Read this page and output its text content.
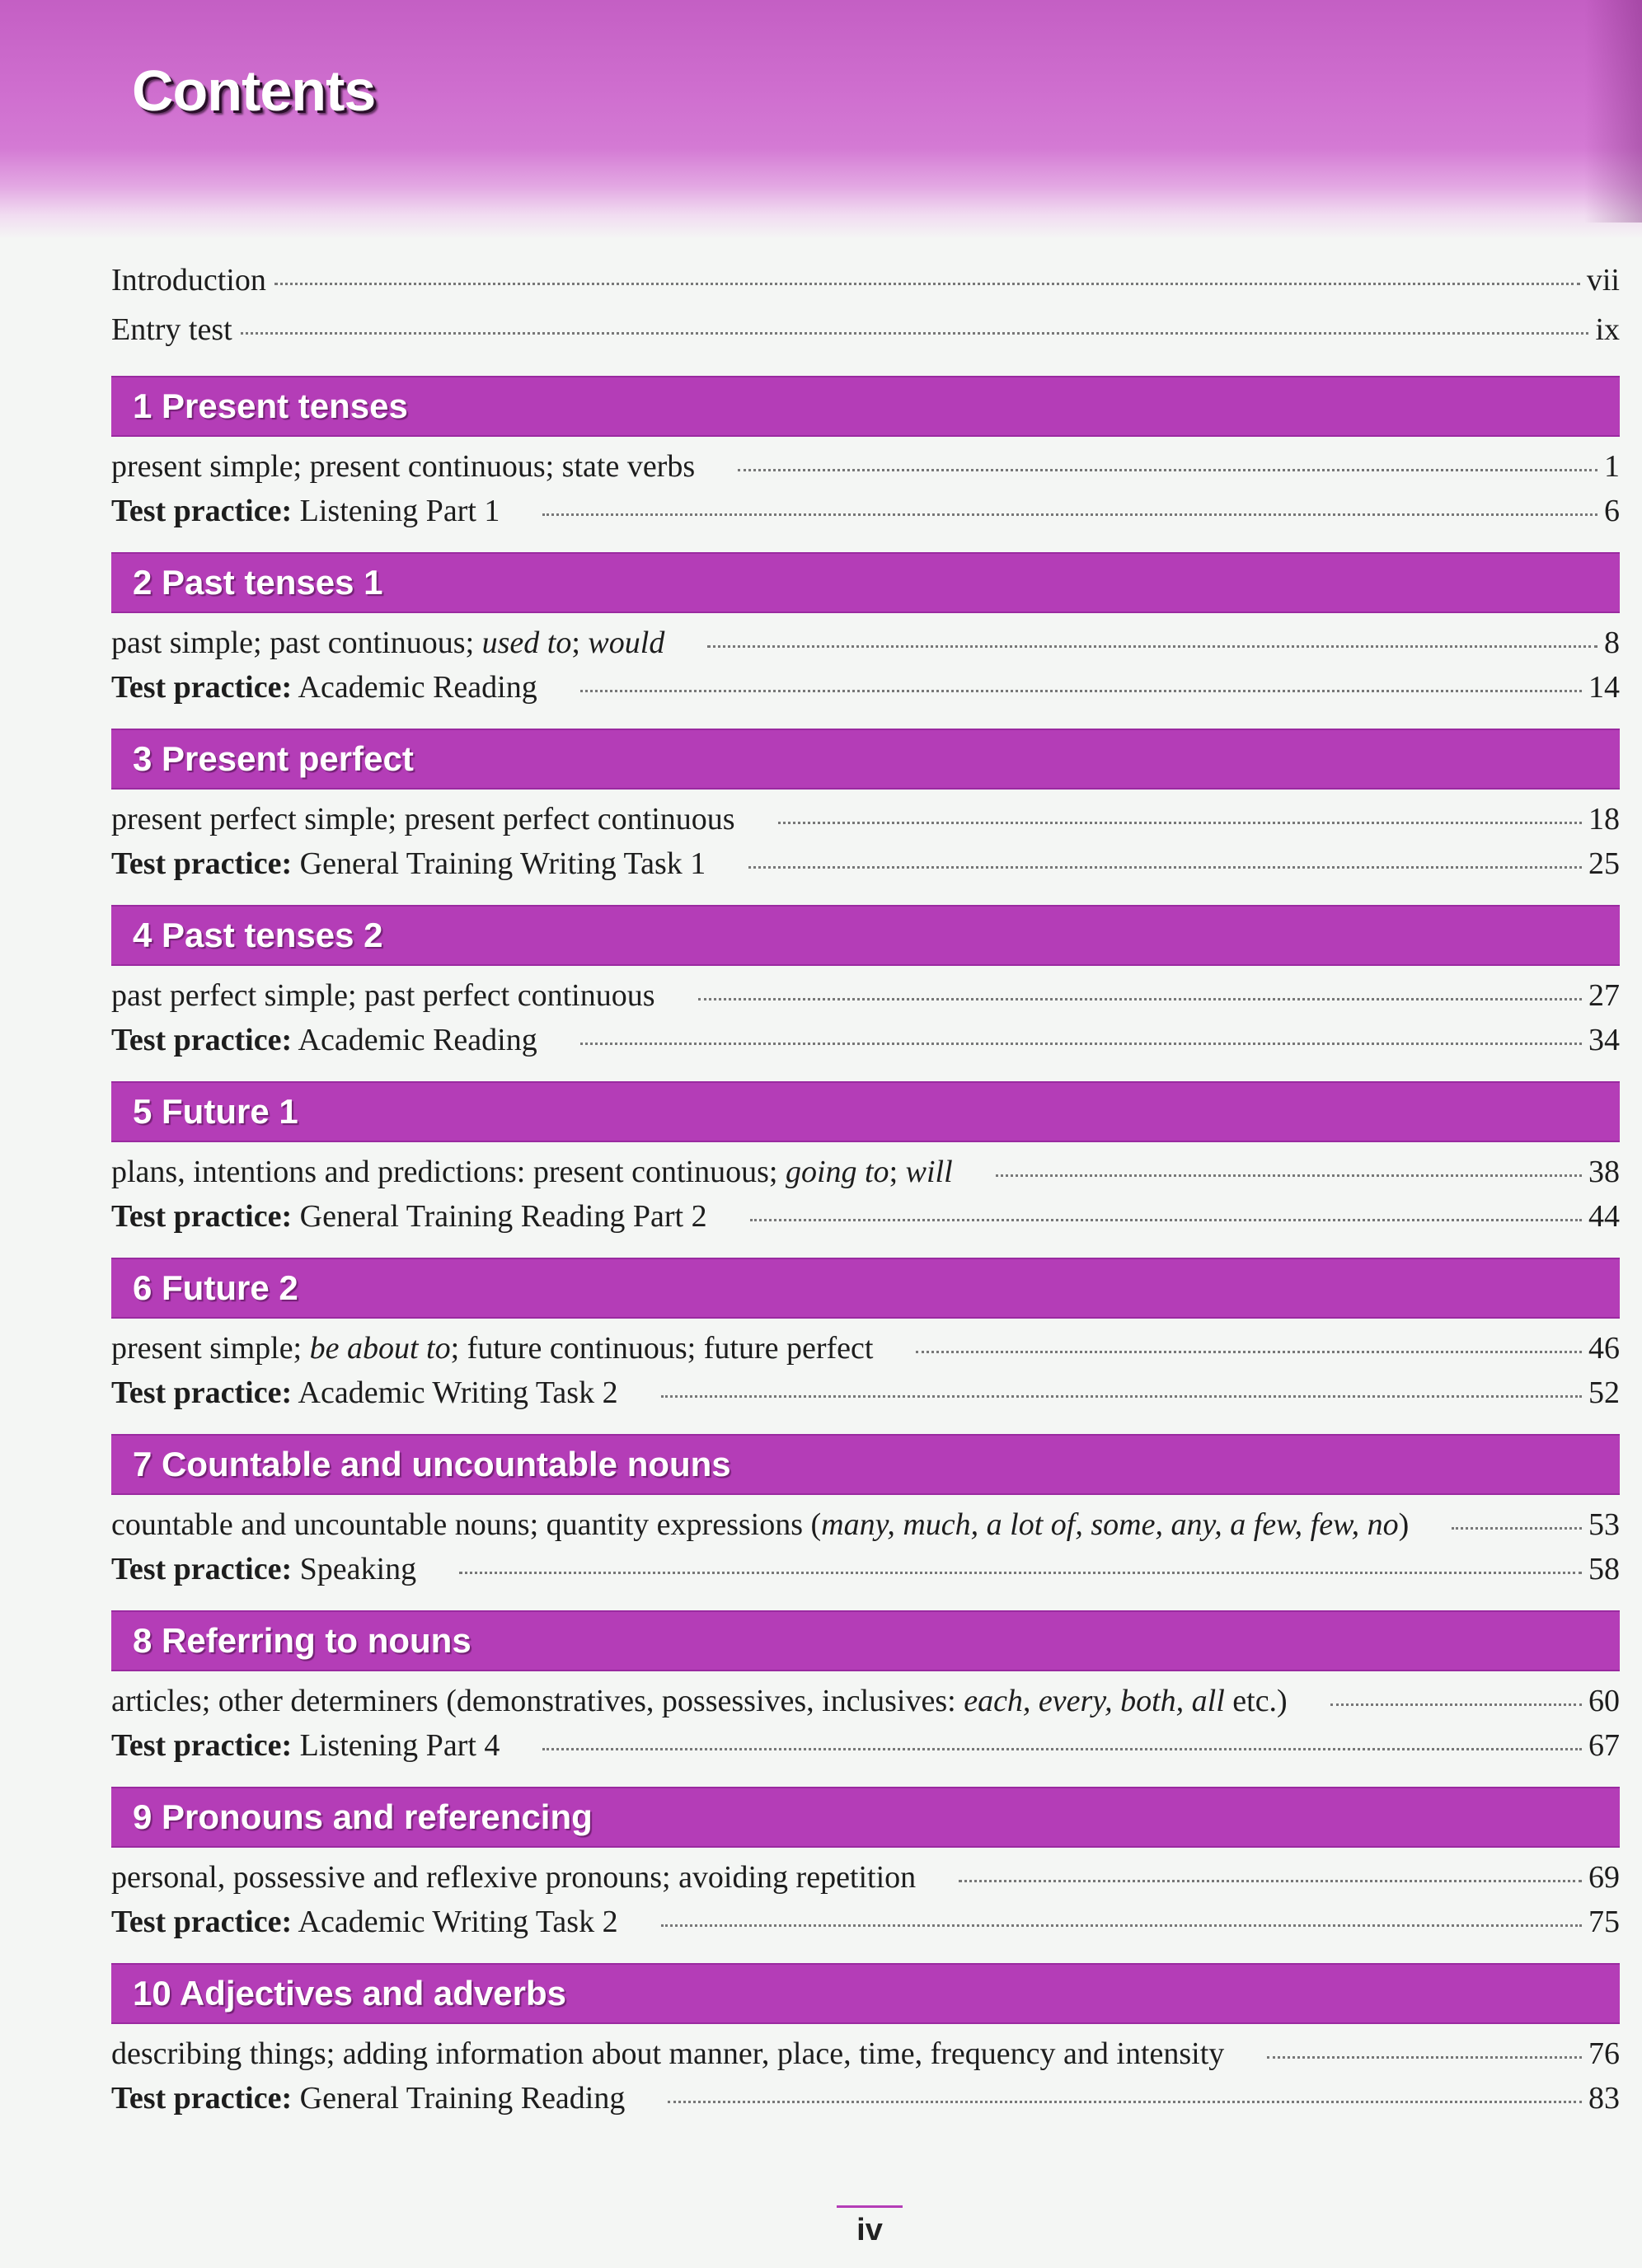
Contents
Introduction	vii
Entry test	ix
1 Present tenses
present simple; present continuous; state verbs	1
Test practice: Listening Part 1	6
2 Past tenses 1
past simple; past continuous; used to; would	8
Test practice: Academic Reading	14
3 Present perfect
present perfect simple; present perfect continuous	18
Test practice: General Training Writing Task 1	25
4 Past tenses 2
past perfect simple; past perfect continuous	27
Test practice: Academic Reading	34
5 Future 1
plans, intentions and predictions: present continuous; going to; will	38
Test practice: General Training Reading Part 2	44
6 Future 2
present simple; be about to; future continuous; future perfect	46
Test practice: Academic Writing Task 2	52
7 Countable and uncountable nouns
countable and uncountable nouns; quantity expressions (many, much, a lot of, some, any, a few, few, no)	53
Test practice: Speaking	58
8 Referring to nouns
articles; other determiners (demonstratives, possessives, inclusives: each, every, both, all etc.)	60
Test practice: Listening Part 4	67
9 Pronouns and referencing
personal, possessive and reflexive pronouns; avoiding repetition	69
Test practice: Academic Writing Task 2	75
10 Adjectives and adverbs
describing things; adding information about manner, place, time, frequency and intensity	76
Test practice: General Training Reading	83
iv
